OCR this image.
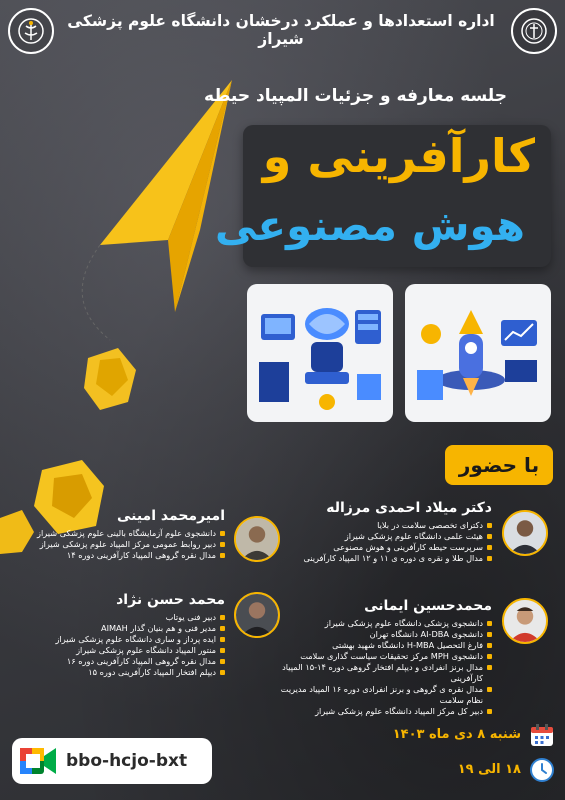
اداره استعدادها و عملکرد درخشان دانشگاه علوم پزشکی شیراز
جلسه معارفه و جزئیات المپیاد حیطه
کارآفرینی و
هوش مصنوعی
با حضور
دکتر میلاد احمدی مرزاله
دکترای تخصصی سلامت در بلایا
هیئت علمی دانشگاه علوم پزشکی شیراز
سرپرست حیطه کارآفرینی و هوش مصنوعی
مدال طلا و نقره ی دوره ی ۱۱ و ۱۲ المپیاد کارآفرینی
امیرمحمد امینی
دانشجوی علوم آزمایشگاه بالینی علوم پزشکی شیراز
دبیر روابط عمومی مرکز المپیاد علوم پزشکی شیراز
مدال نقره گروهی المپیاد کارآفرینی دوره ۱۴
محمدحسین ایمانی
دانشجوی پزشکی دانشگاه علوم پزشکی شیراز
دانشجوی AI-DBA دانشگاه تهران
فارغ التحصیل H-MBA دانشگاه شهید بهشتی
دانشجوی MPH مرکز تحقیقات سیاست گذاری سلامت
مدال برنز انفرادی و دیپلم افتخار گروهی دوره ۱۴-۱۵ المپیاد کارآفرینی
مدال نقره ی گروهی و برنز انفرادی دوره ۱۶ المپیاد مدیریت نظام سلامت
دبیر کل مرکز المپیاد دانشگاه علوم پزشکی شیراز
محمد حسن نژاد
دبیر فنی یوتاب
مدیر فنی و هم بنیان گذار AIMAH
ایده پرداز و ساری دانشگاه علوم پزشکی شیراز
منتور المپیاد دانشگاه علوم پزشکی شیراز
مدال نقره گروهی المپیاد کارآفرینی دوره ۱۶
دیپلم افتخار المپیاد کارآفرینی دوره ۱۵
bbo-hcjo-bxt
شنبه ۸ دی ماه ۱۴۰۳
۱۸ الی ۱۹
